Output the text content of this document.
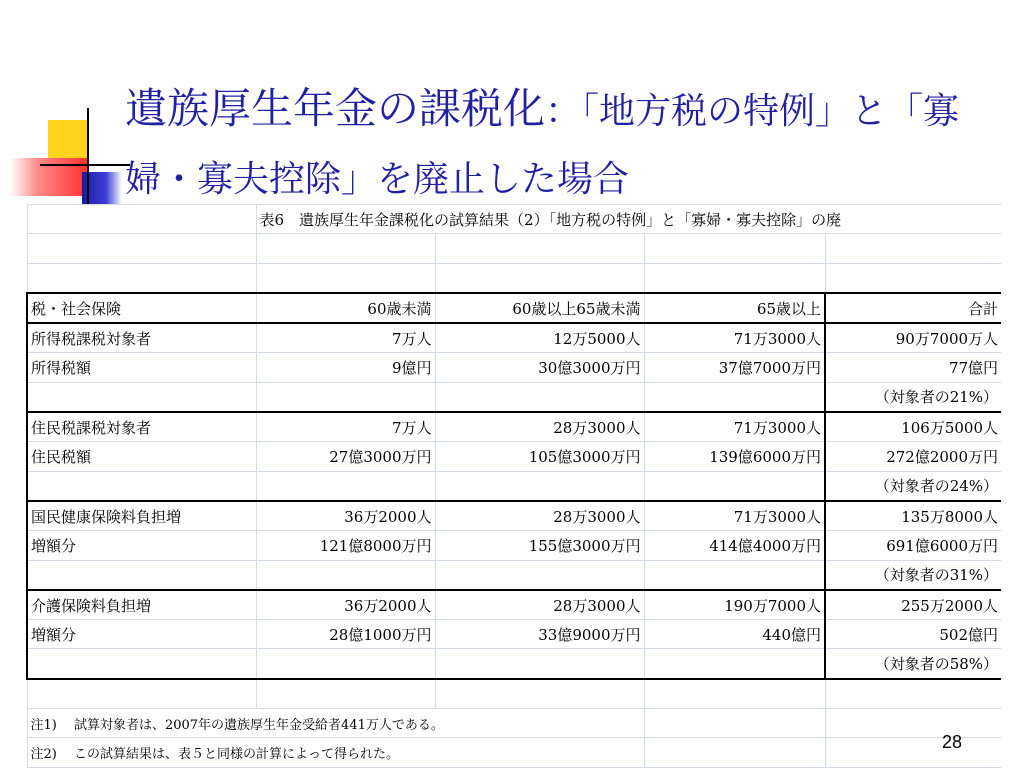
遺族厚生年金の課税化：「地方税の特例」と「寡婦・寡夫控除」を廃止した場合
	表6　遺族厚生年金課税化の試算結果（2）「地方税の特例」と「寡婦・寡夫控除」の廃			

税・社会保険	60歳未満	60歳以上65歳未満	65歳以上	合計
所得税課税対象者	7万人	12万5000人	71万3000人	90万7000万人
所得税額	9億円	30億3000万円	37億7000万円	77億円
				（対象者の21%）
住民税課税対象者	7万人	28万3000人	71万3000人	106万5000人
住民税額	27億3000万円	105億3000万円	139億6000万円	272億2000万円
				（対象者の24%）
国民健康保険料負担増	36万2000人	28万3000人	71万3000人	135万8000人
増額分	121億8000万円	155億3000万円	414億4000万円	691億6000万円
				（対象者の31%）
介護保険料負担増	36万2000人	28万3000人	190万7000人	255万2000人
増額分	28億1000万円	33億9000万円	440億円	502億円
				（対象者の58%）

注1)　 試算対象者は、2007年の遺族厚生年金受給者441万人である。				
注2)　 この試算結果は、表５と同様の計算によって得られた。				
28
